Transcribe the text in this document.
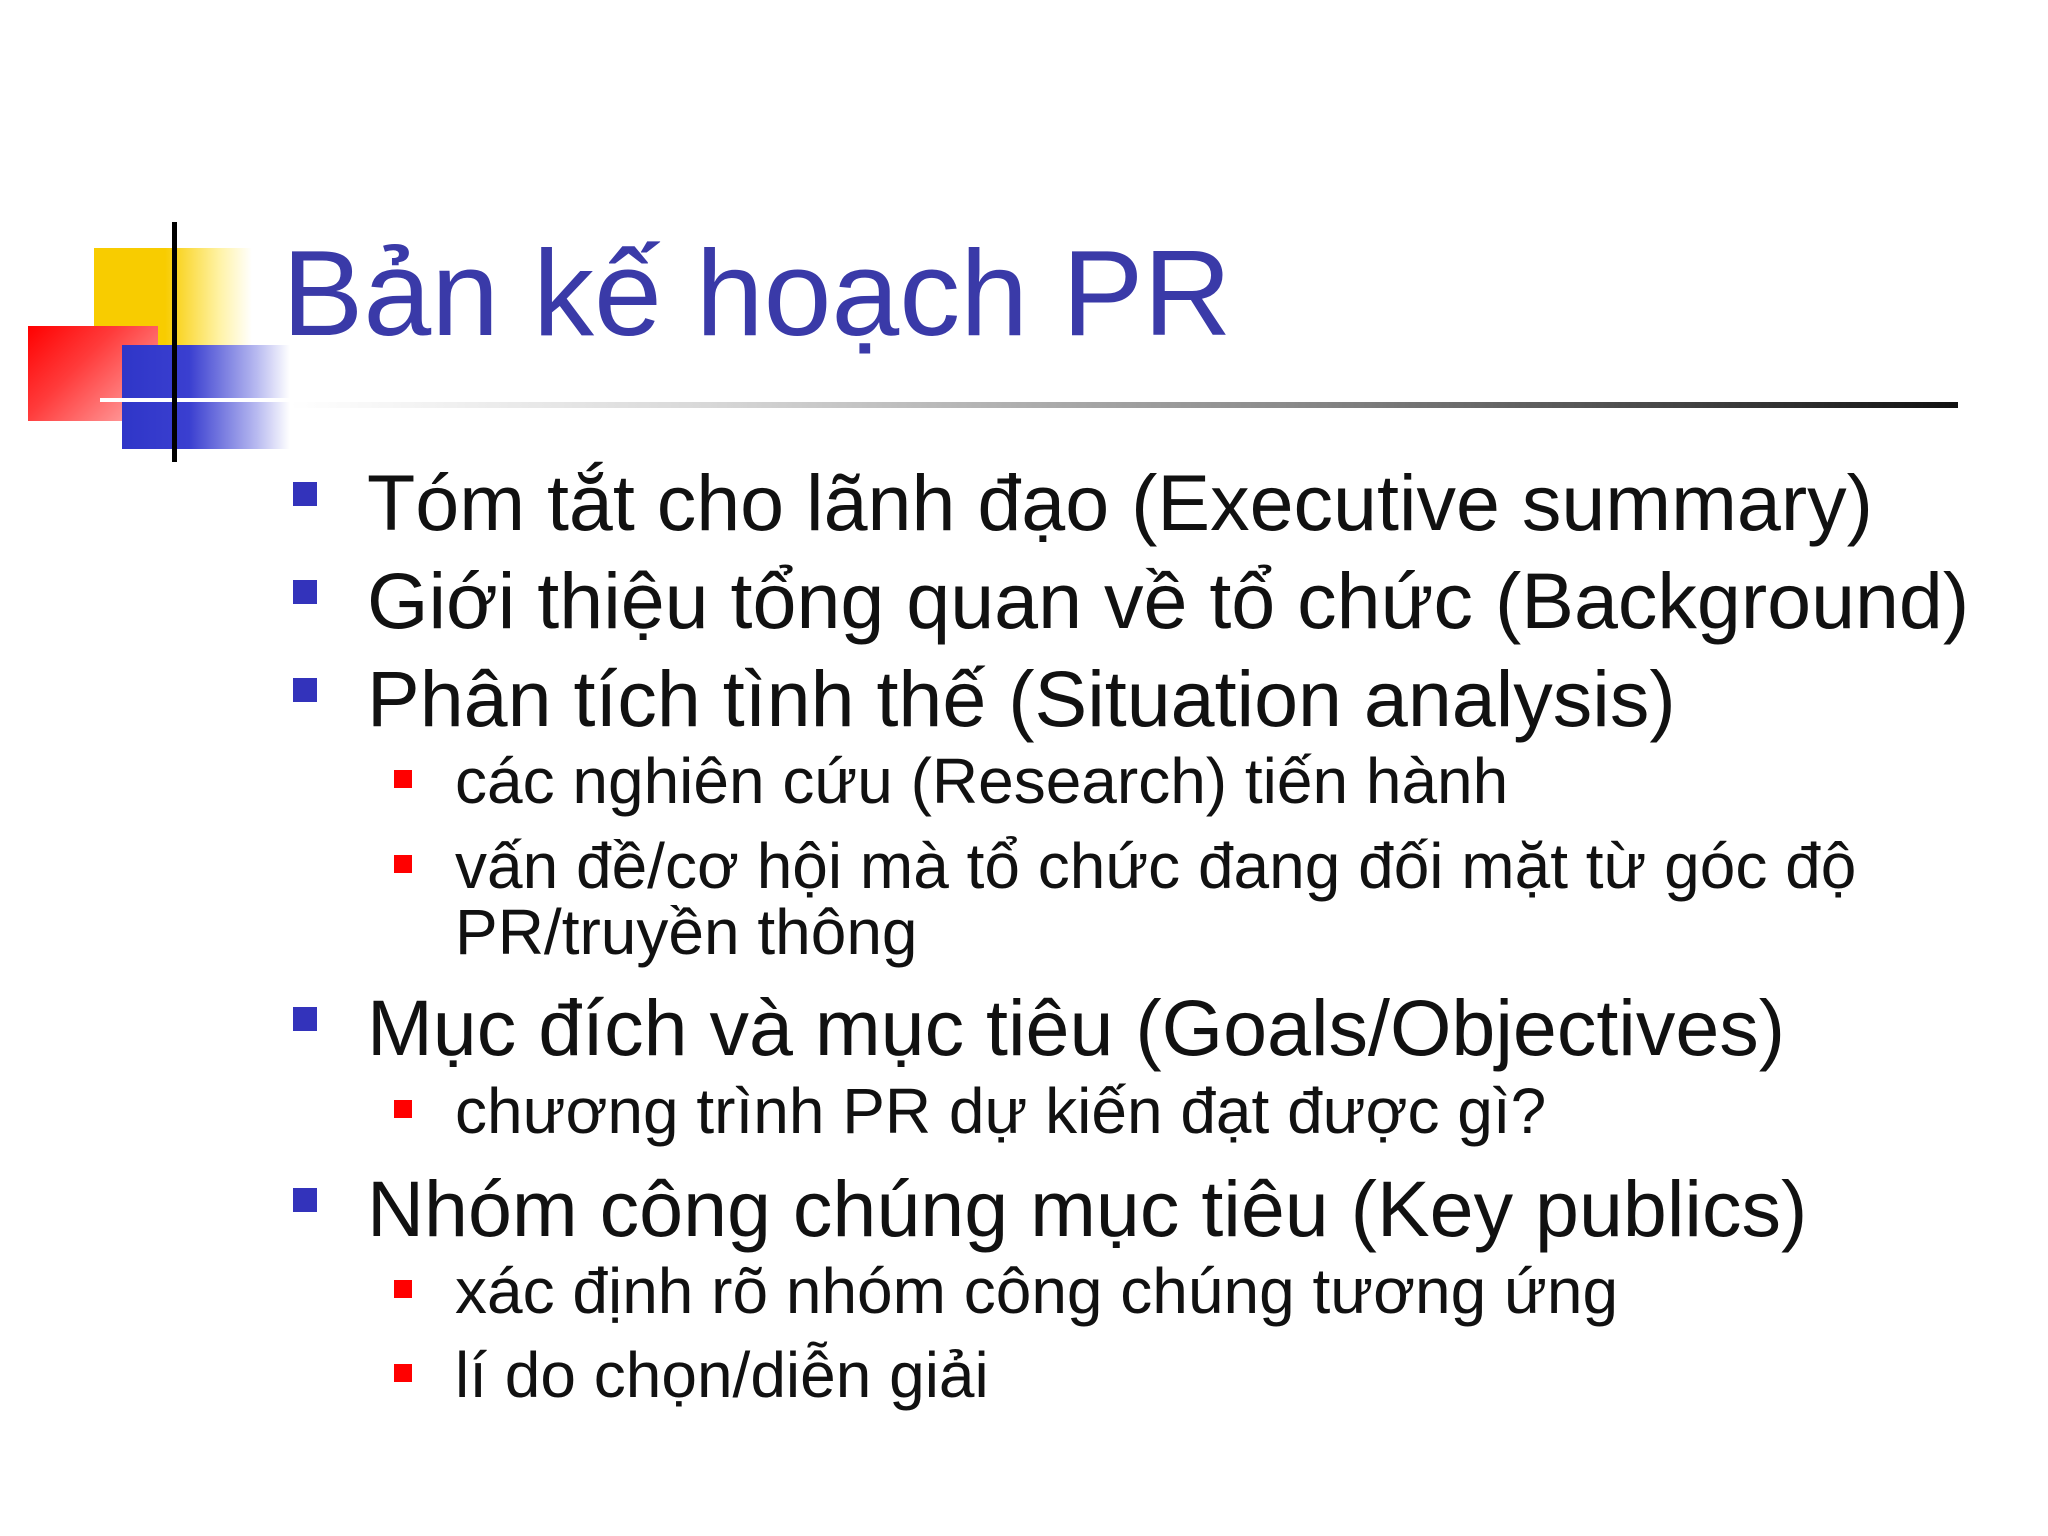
Bản kế hoạch PR
Tóm tắt cho lãnh đạo (Executive summary)
Giới thiệu tổng quan về tổ chức (Background)
Phân tích tình thế (Situation analysis)
các nghiên cứu (Research) tiến hành
vấn đề/cơ hội mà tổ chức đang đối mặt từ góc độ
PR/truyền thông
Mục đích và mục tiêu (Goals/Objectives)
chương trình PR dự kiến đạt được gì?
Nhóm công chúng mục tiêu (Key publics)
xác định rõ nhóm công chúng tương ứng
lí do chọn/diễn giải
